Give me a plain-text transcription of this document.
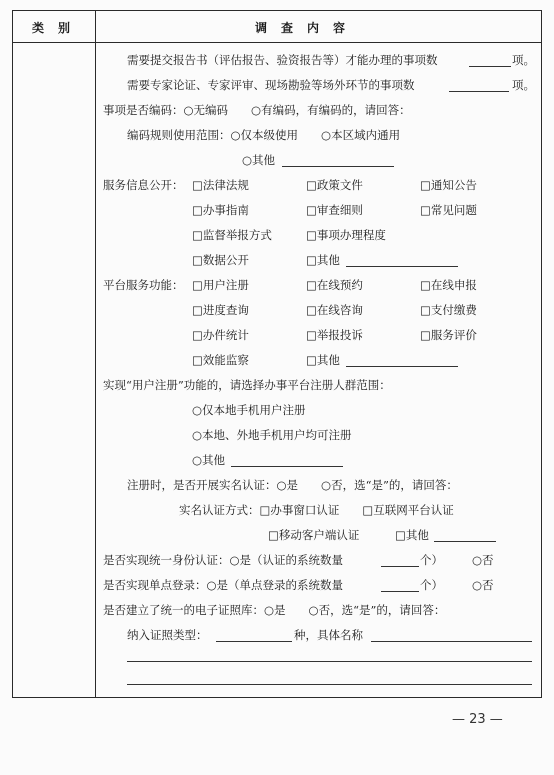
类　别	调　查　内　容
需要提交报告书（评估报告、验资报告等）才能办理的事项数	项。
需要专家论证、专家评审、现场勘验等场外环节的事项数	项。
事项是否编码：○无编码　　○有编码，有编码的，请回答：
编码规则使用范围：○仅本级使用　　○本区域内通用
○其他
服务信息公开： □法律法规	□政策文件	□通知公告
□办事指南	□审查细则	□常见问题
□监督举报方式	□事项办理程度
□数据公开	□其他
平台服务功能： □用户注册	□在线预约	□在线申报
□进度查询	□在线咨询	□支付缴费
□办件统计	□举报投诉	□服务评价
□效能监察	□其他
实现“用户注册”功能的，请选择办事平台注册人群范围：
○仅本地手机用户注册
○本地、外地手机用户均可注册
○其他
注册时，是否开展实名认证：○是　　○否，选“是”的，请回答：
实名认证方式：□办事窗口认证　　□互联网平台认证
□移动客户端认证	□其他
是否实现统一身份认证：○是（认证的系统数量	个）	○否
是否实现单点登录：○是（单点登录的系统数量	个）	○否
是否建立了统一的电子证照库：○是　　○否，选“是”的，请回答：
纳入证照类型：	种，具体名称
— 23 —
